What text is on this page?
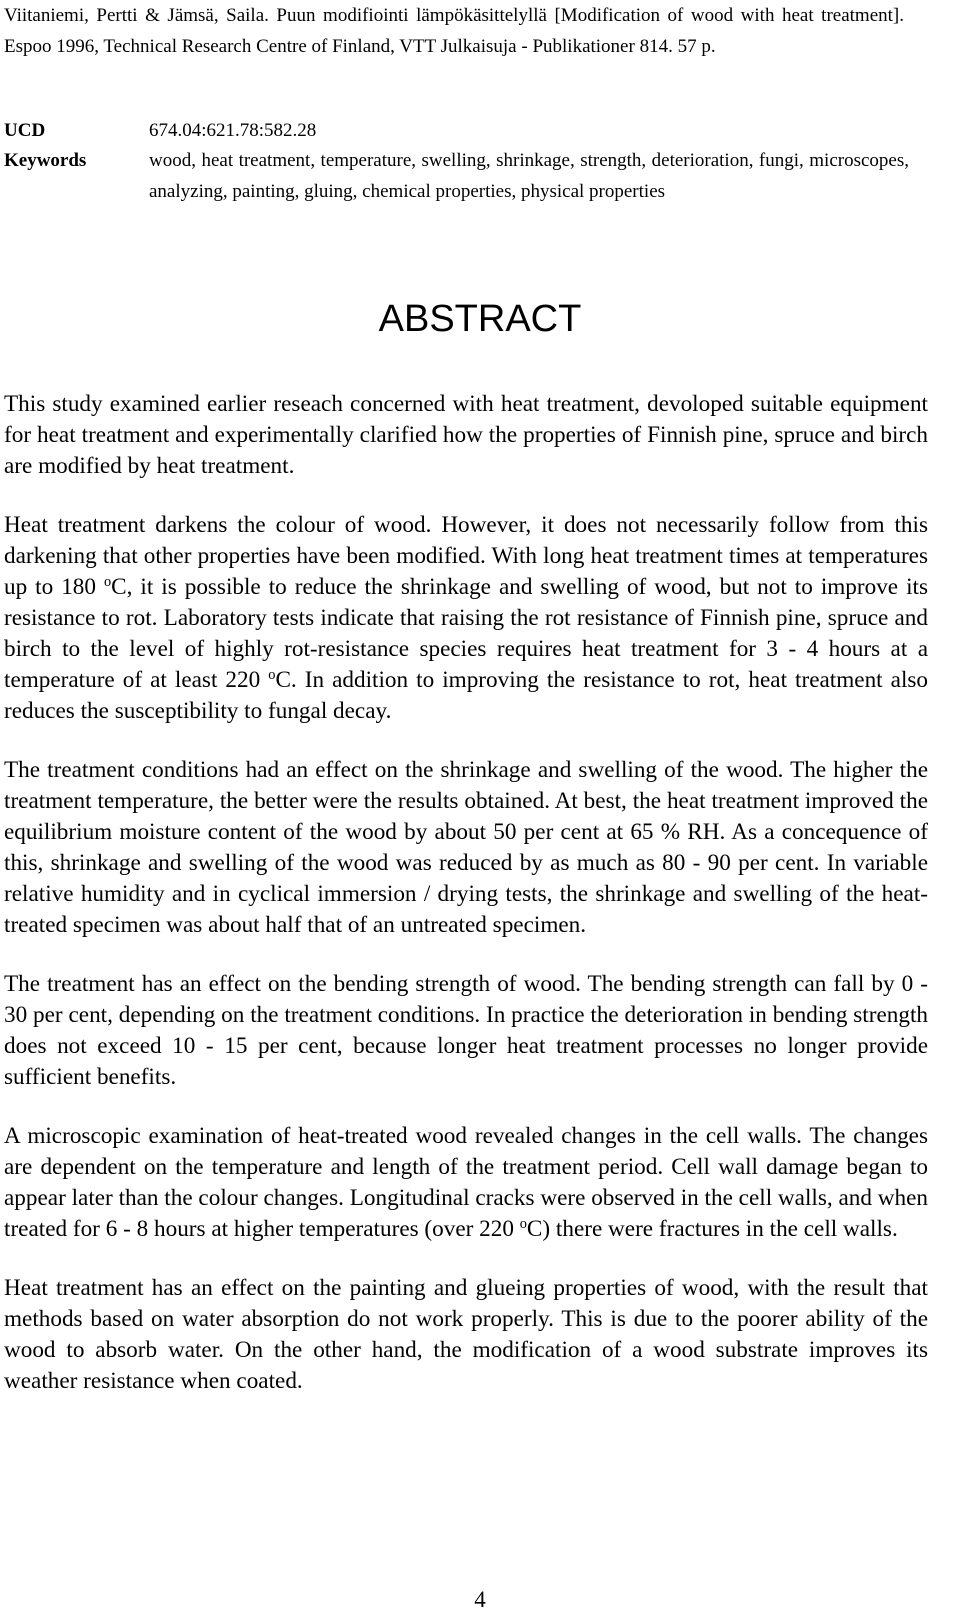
Viitaniemi, Pertti & Jämsä, Saila. Puun modifiointi lämpökäsittelyllä [Modification of wood with heat treatment]. Espoo 1996, Technical Research Centre of Finland, VTT Julkaisuja - Publikationer 814. 57 p.
UCD	674.04:621.78:582.28
Keywords	wood, heat treatment, temperature, swelling, shrinkage, strength, deterioration, fungi, microscopes, analyzing, painting, gluing, chemical properties, physical properties
ABSTRACT

This study examined earlier reseach concerned with heat treatment, devoloped suitable equipment for heat treatment and experimentally clarified how the properties of Finnish pine, spruce and birch are modified by heat treatment.

Heat treatment darkens the colour of wood. However, it does not necessarily follow from this darkening that other properties have been modified. With long heat treatment times at temperatures up to 180 $^o$C, it is possible to reduce the shrinkage and swelling of wood, but not to improve its resistance to rot. Laboratory tests indicate that raising the rot resistance of Finnish pine, spruce and birch to the level of highly rot-resistance species requires heat treatment for 3 - 4 hours at a temperature of at least 220 $^o$C. In addition to improving the resistance to rot, heat treatment also reduces the susceptibility to fungal decay.

The treatment conditions had an effect on the shrinkage and swelling of the wood. The higher the treatment temperature, the better were the results obtained. At best, the heat treatment improved the equilibrium moisture content of the wood by about 50 per cent at 65 % RH. As a concequence of this, shrinkage and swelling of the wood was reduced by as much as 80 - 90 per cent. In variable relative humidity and in cyclical immersion / drying tests, the shrinkage and swelling of the heat-treated specimen was about half that of an untreated specimen.

The treatment has an effect on the bending strength of wood. The bending strength can fall by 0 - 30 per cent, depending on the treatment conditions. In practice the deterioration in bending strength does not exceed 10 - 15 per cent, because longer heat treatment processes no longer provide sufficient benefits.

A microscopic examination of heat-treated wood revealed changes in the cell walls. The changes are dependent on the temperature and length of the treatment period. Cell wall damage began to appear later than the colour changes. Longitudinal cracks were observed in the cell walls, and when treated for 6 - 8 hours at higher temperatures (over 220 $^o$C) there were fractures in the cell walls.

Heat treatment has an effect on the painting and glueing properties of wood, with the result that methods based on water absorption do not work properly. This is due to the poorer ability of the wood to absorb water. On the other hand, the modification of a wood substrate improves its weather resistance when coated.

4
